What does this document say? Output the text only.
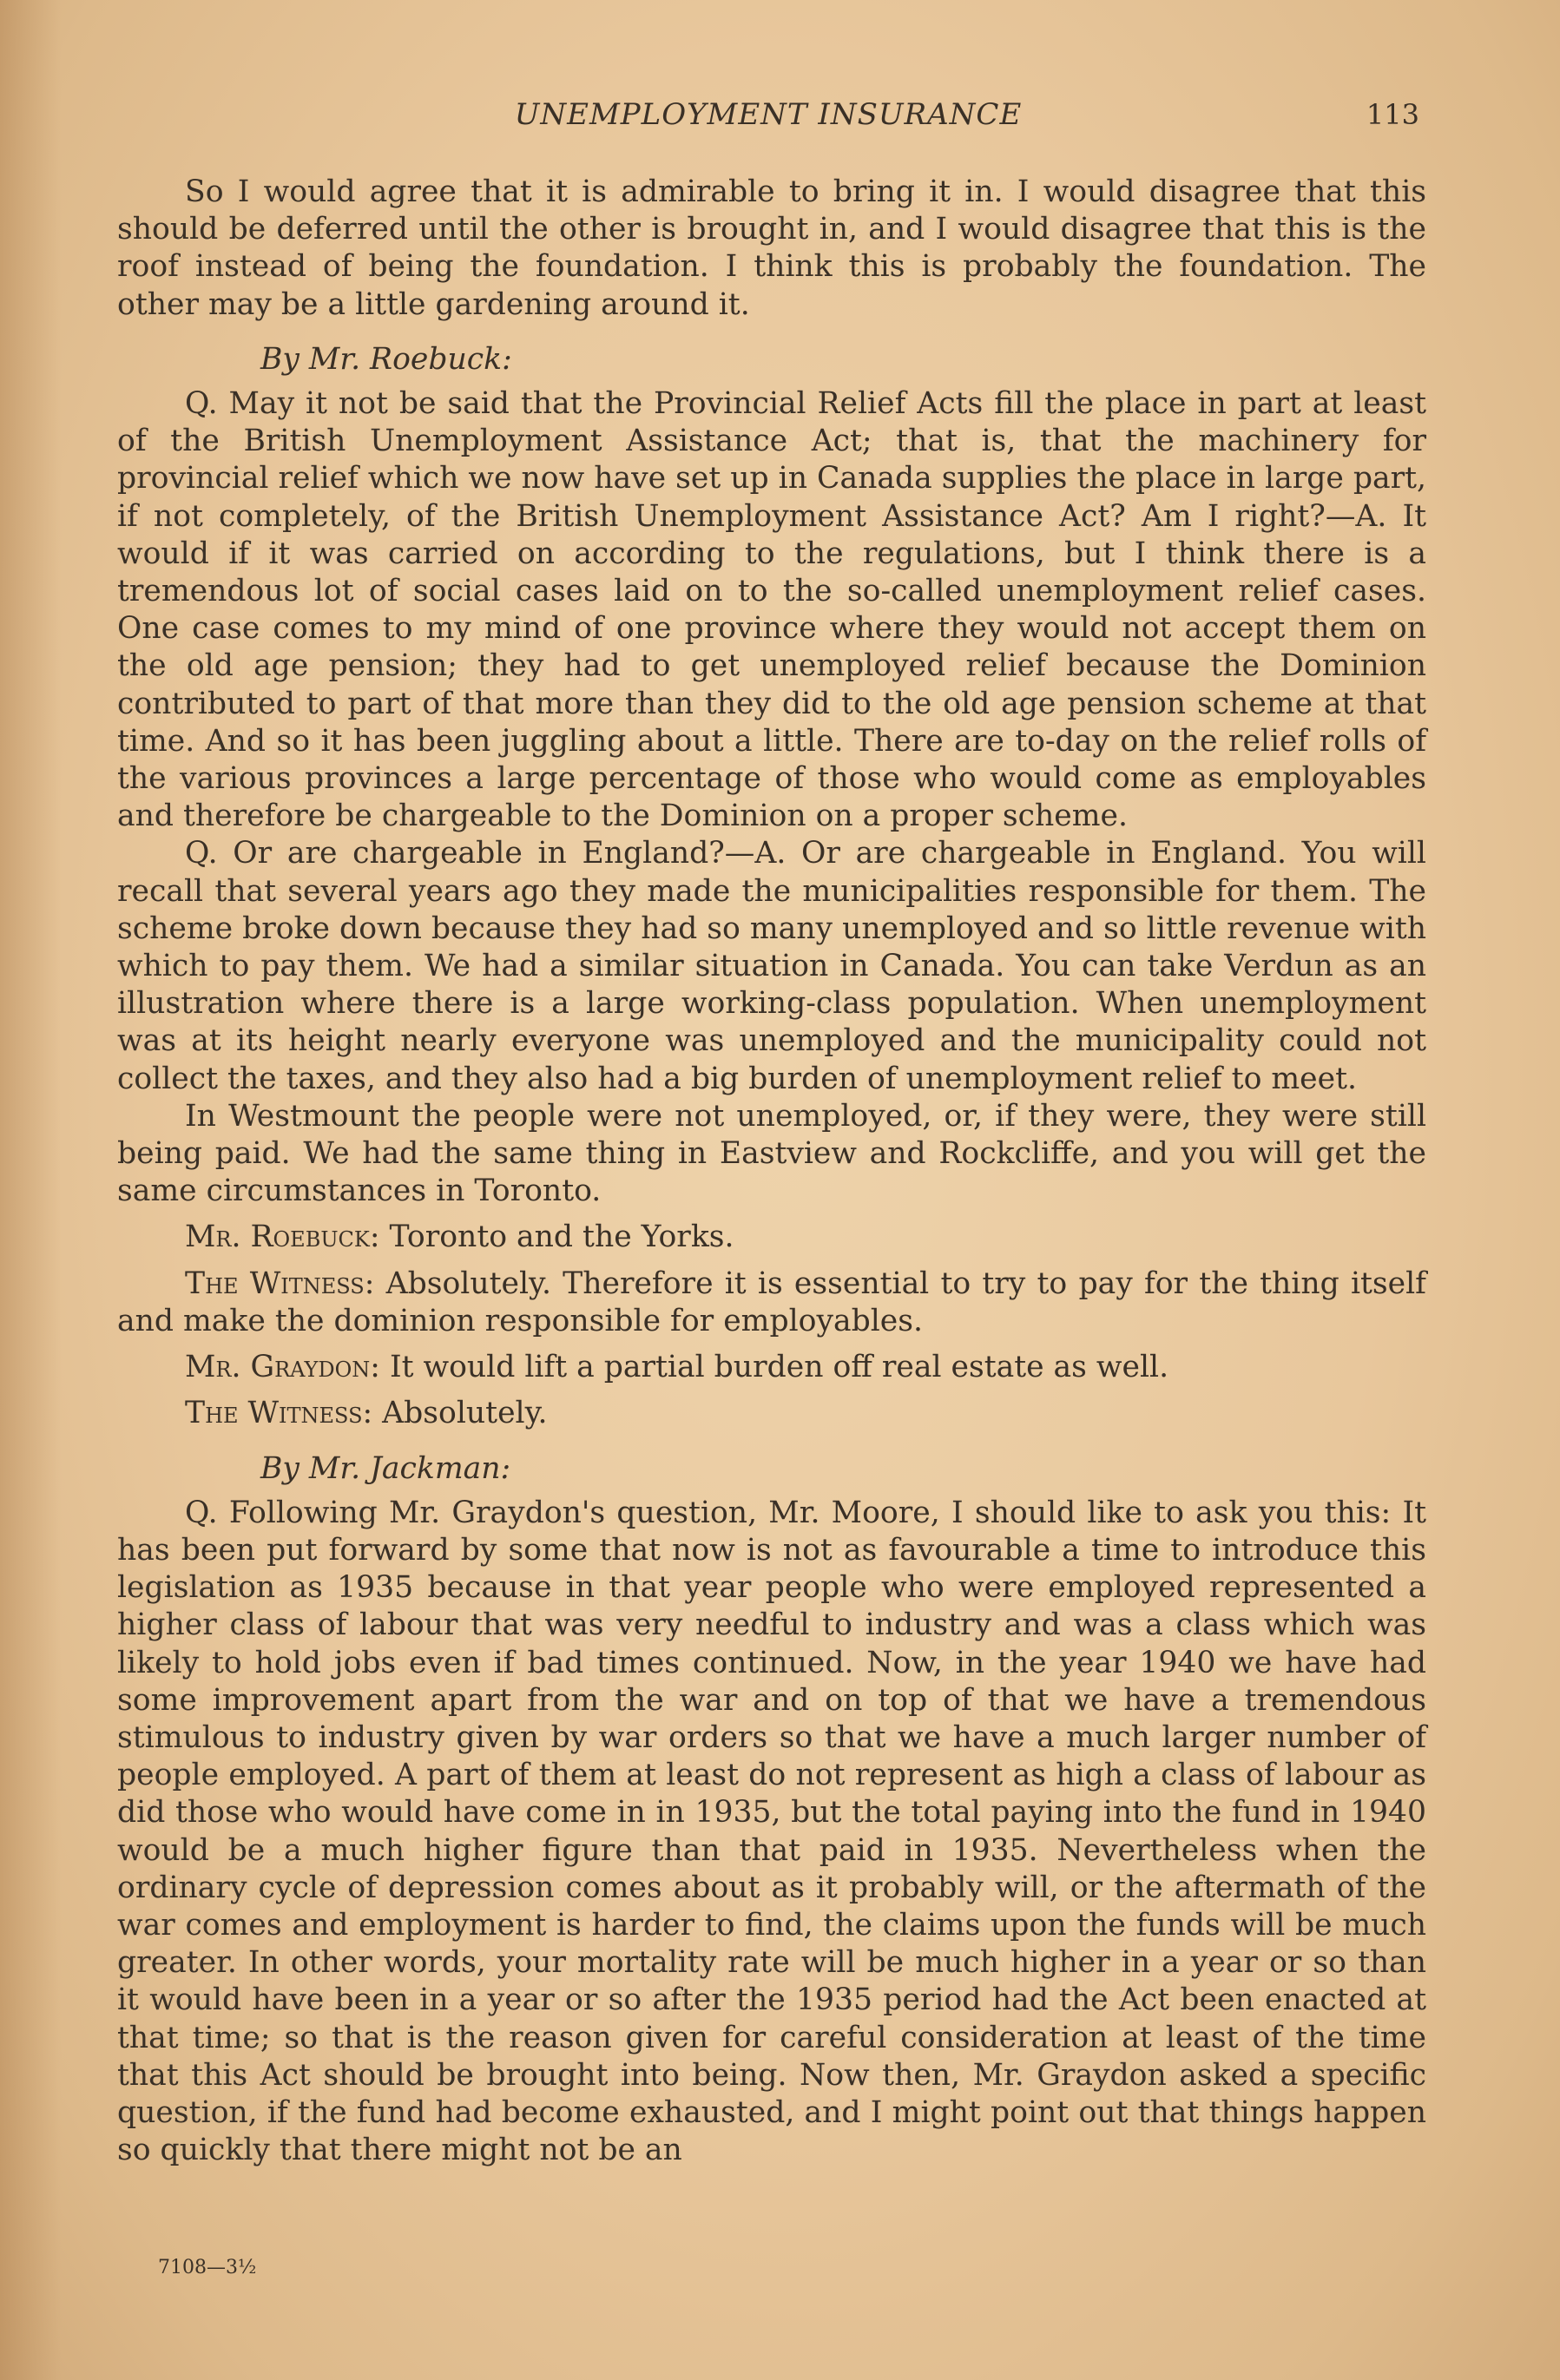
UNEMPLOYMENT INSURANCE	113

So I would agree that it is admirable to bring it in. I would disagree that this should be deferred until the other is brought in, and I would disagree that this is the roof instead of being the foundation. I think this is probably the foundation. The other may be a little gardening around it.

By Mr. Roebuck:

Q. May it not be said that the Provincial Relief Acts fill the place in part at least of the British Unemployment Assistance Act; that is, that the machinery for provincial relief which we now have set up in Canada supplies the place in large part, if not completely, of the British Unemployment Assistance Act? Am I right?—A. It would if it was carried on according to the regulations, but I think there is a tremendous lot of social cases laid on to the so-called unemployment relief cases. One case comes to my mind of one province where they would not accept them on the old age pension; they had to get unemployed relief because the Dominion contributed to part of that more than they did to the old age pension scheme at that time. And so it has been juggling about a little. There are to-day on the relief rolls of the various provinces a large percentage of those who would come as employables and therefore be chargeable to the Dominion on a proper scheme.

Q. Or are chargeable in England?—A. Or are chargeable in England. You will recall that several years ago they made the municipalities responsible for them. The scheme broke down because they had so many unemployed and so little revenue with which to pay them. We had a similar situation in Canada. You can take Verdun as an illustration where there is a large working-class population. When unemployment was at its height nearly everyone was unemployed and the municipality could not collect the taxes, and they also had a big burden of unemployment relief to meet.

In Westmount the people were not unemployed, or, if they were, they were still being paid. We had the same thing in Eastview and Rockcliffe, and you will get the same circumstances in Toronto.

Mr. Roebuck: Toronto and the Yorks.

The Witness: Absolutely. Therefore it is essential to try to pay for the thing itself and make the dominion responsible for employables.

Mr. Graydon: It would lift a partial burden off real estate as well.

The Witness: Absolutely.

By Mr. Jackman:

Q. Following Mr. Graydon's question, Mr. Moore, I should like to ask you this: It has been put forward by some that now is not as favourable a time to introduce this legislation as 1935 because in that year people who were employed represented a higher class of labour that was very needful to industry and was a class which was likely to hold jobs even if bad times continued. Now, in the year 1940 we have had some improvement apart from the war and on top of that we have a tremendous stimulous to industry given by war orders so that we have a much larger number of people employed. A part of them at least do not represent as high a class of labour as did those who would have come in in 1935, but the total paying into the fund in 1940 would be a much higher figure than that paid in 1935. Nevertheless when the ordinary cycle of depression comes about as it probably will, or the aftermath of the war comes and employment is harder to find, the claims upon the funds will be much greater. In other words, your mortality rate will be much higher in a year or so than it would have been in a year or so after the 1935 period had the Act been enacted at that time; so that is the reason given for careful consideration at least of the time that this Act should be brought into being. Now then, Mr. Graydon asked a specific question, if the fund had become exhausted, and I might point out that things happen so quickly that there might not be an

7108—3½
